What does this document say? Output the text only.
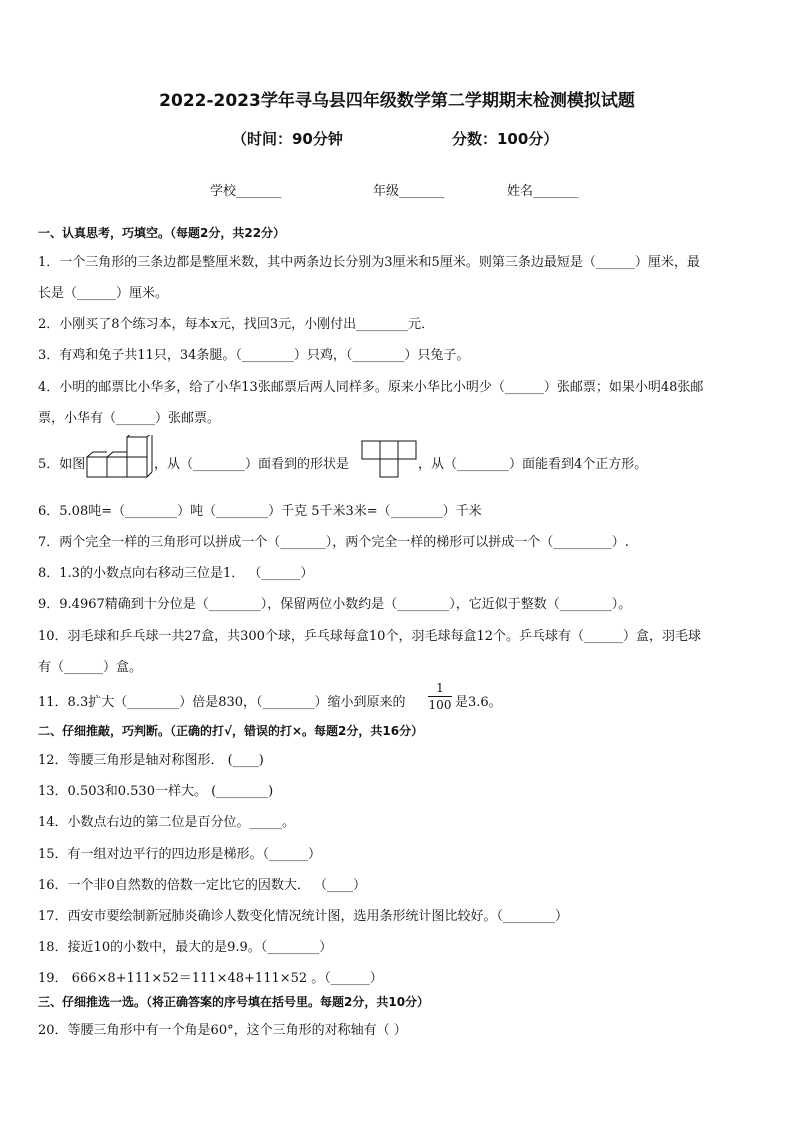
2022-2023学年寻乌县四年级数学第二学期期末检测模拟试题
（时间：90分钟	分数：100分）
学校_______	年级_______	姓名_______
一、认真思考，巧填空。（每题2分，共22分）
1．一个三角形的三条边都是整厘米数，其中两条边长分别为3厘米和5厘米。则第三条边最短是（______）厘米，最
长是（______）厘米。
2．小刚买了8个练习本，每本x元，找回3元，小刚付出________元．
3．有鸡和兔子共11只，34条腿。（________）只鸡，（________）只兔子。
4．小明的邮票比小华多，给了小华13张邮票后两人同样多。原来小华比小明少（______）张邮票；如果小明48张邮
票，小华有（______）张邮票。
5．如图	，从（________）面看到的形状是	，从（________）面能看到4个正方形。
6．5.08吨=（________）吨（________）千克 5千米3米=（________）千米
7．两个完全一样的三角形可以拼成一个（_______），两个完全一样的梯形可以拼成一个（_________）.
8．1.3的小数点向右移动三位是1． （______）
9．9.4967精确到十分位是（________），保留两位小数约是（________），它近似于整数（________）。
10．羽毛球和乒乓球一共27盒，共300个球，乒乓球每盒10个，羽毛球每盒12个。乒乓球有（______）盒，羽毛球
有（______）盒。
11．8.3扩大（________）倍是830，（________）缩小到原来的 $\frac{1}{100}$ 是3.6。
二、仔细推敲，巧判断。（正确的打√，错误的打×。每题2分，共16分）
12．等腰三角形是轴对称图形． (____)
13．0.503和0.530一样大。 (________)
14．小数点右边的第二位是百分位。_____。
15．有一组对边平行的四边形是梯形。（______）
16．一个非0自然数的倍数一定比它的因数大． （____）
17．西安市要绘制新冠肺炎确诊人数变化情况统计图，选用条形统计图比较好。（________）
18．接近10的小数中，最大的是9.9。（________）
19． 666×8+111×52＝111×48+111×52 。（______）
三、仔细推选一选。（将正确答案的序号填在括号里。每题2分，共10分）
20．等腰三角形中有一个角是60°，这个三角形的对称轴有（ ）
